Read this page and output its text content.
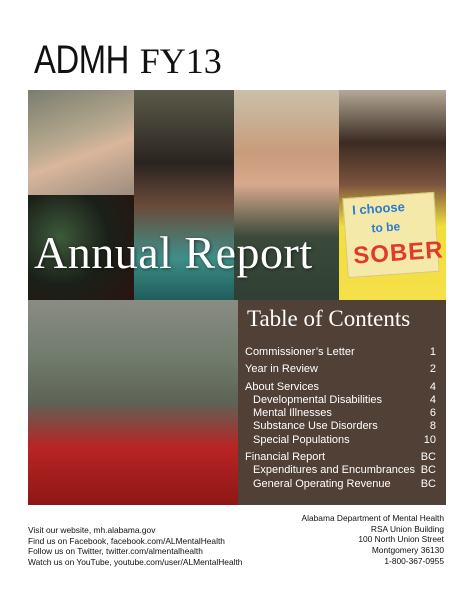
ADMH FY13
I choose
to be
SOBER
Annual Report
Table of Contents
Commissioner’s Letter	1
Year in Review	2
About Services	4
Developmental Disabilities	4
Mental Illnesses	6
Substance Use Disorders	8
Special Populations	10
Financial Report	BC
Expenditures and Encumbrances BC
General Operating Revenue	BC
Visit our website, mh.alabama.gov
Find us on Facebook, facebook.com/ALMentalHealth
Follow us on Twitter, twitter.com/almentalhealth
Watch us on YouTube, youtube.com/user/ALMentalHealth
Alabama Department of Mental Health
RSA Union Building
100 North Union Street
Montgomery 36130
1-800-367-0955
